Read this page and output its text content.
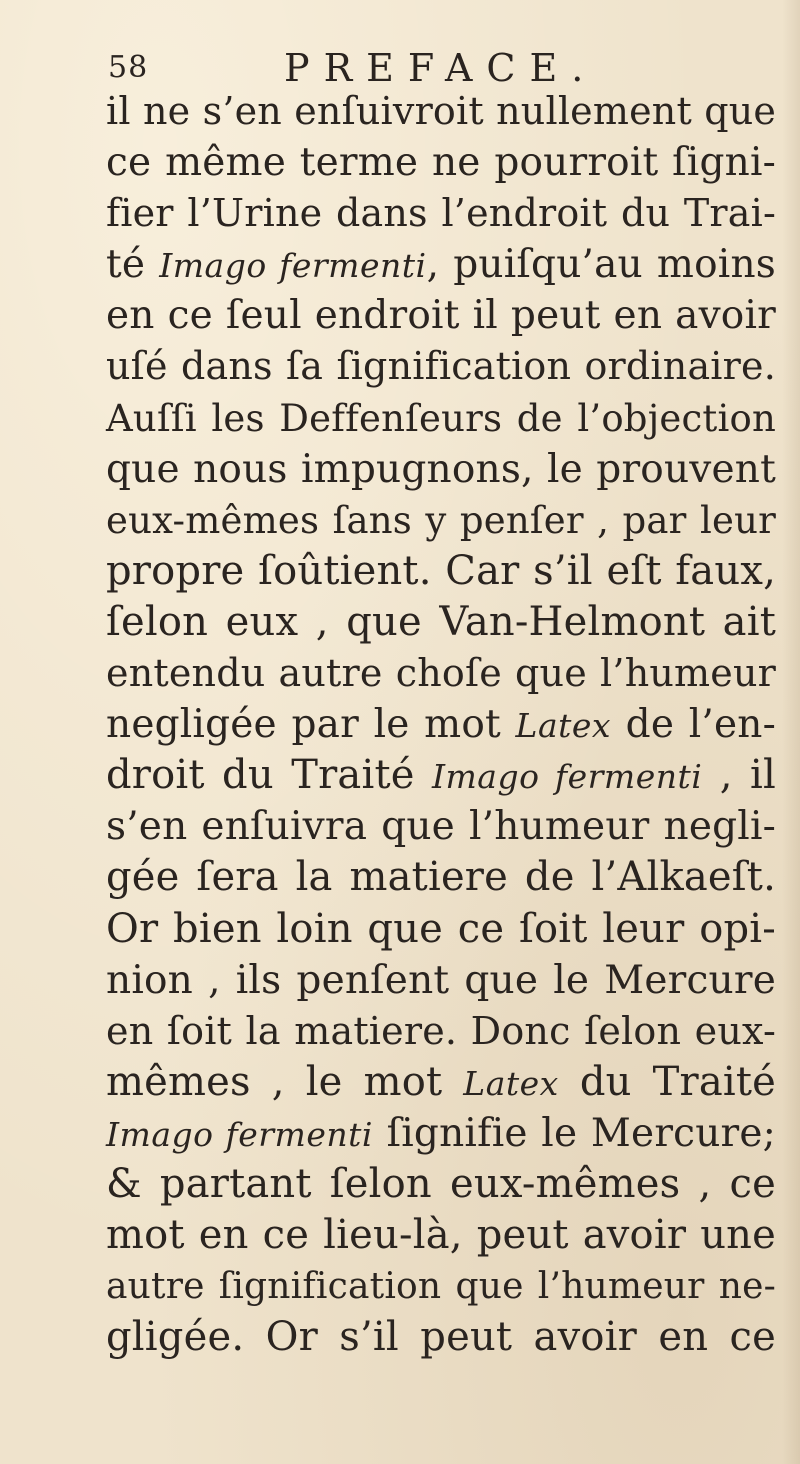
58	PREFACE.
il ne s’en enſuivroit nullement que
ce même terme ne pourroit ſigni-
fier l’Urine dans l’endroit du Trai-
té Imago fermenti, puiſqu’au moins
en ce ſeul endroit il peut en avoir
uſé dans ſa ſignification ordinaire.
Auſſi les Deffenſeurs de l’objection
que nous impugnons, le prouvent
eux-mêmes ſans y penſer , par leur
propre ſoûtient. Car s’il eſt faux,
ſelon eux , que Van-Helmont ait
entendu autre choſe que l’humeur
negligée par le mot Latex de l’en-
droit du Traité Imago fermenti , il
s’en enſuivra que l’humeur negli-
gée ſera la matiere de l’Alkaeſt.
Or bien loin que ce ſoit leur opi-
nion , ils penſent que le Mercure
en ſoit la matiere. Donc ſelon eux-
mêmes , le mot Latex du Traité
Imago fermenti ſignifie le Mercure;
& partant ſelon eux-mêmes , ce
mot en ce lieu-là, peut avoir une
autre ſignification que l’humeur ne-
gligée. Or s’il peut avoir en ce
